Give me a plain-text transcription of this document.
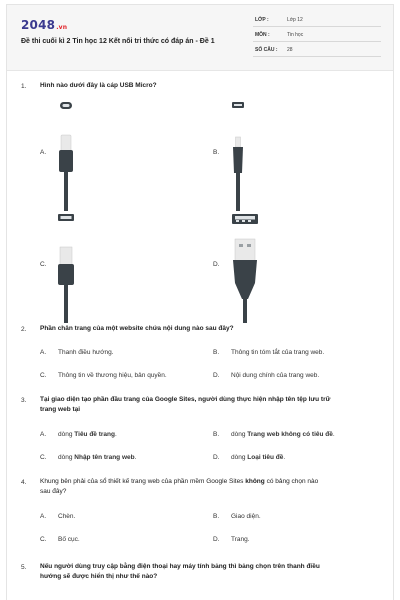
2048.vn
Đề thi cuối kì 2 Tin học 12 Kết nối tri thức có đáp án - Đề 1
LỚP :	Lớp 12
MÔN :	Tin học
SỐ CÂU : 28
1. Hình nào dưới đây là cáp USB Micro?
A.	B.
C.	D.
2. Phần chân trang của một website chứa nội dung nào sau đây?
A. Thanh điều hướng.	B. Thông tin tóm tắt của trang web.
C. Thông tin về thương hiệu, bản quyền.	D. Nội dung chính của trang web.
3. Tại giao diện tạo phần đầu trang của Google Sites, người dùng thực hiện nhập tên tệp lưu trữ
trang web tại
A. dòng Tiêu đề trang.	B. dòng Trang web không có tiêu đề.
C. dòng Nhập tên trang web.	D. dòng Loại tiêu đề.
4. Khung bên phải của sổ thiết kế trang web của phần mềm Google Sites không có bảng chọn nào
sau đây?
A. Chèn.	B. Giao diện.
C. Bố cục.	D. Trang.
5. Nếu người dùng truy cập bằng điện thoại hay máy tính bảng thì bảng chọn trên thanh điều
hướng sẽ được hiển thị như thế nào?
